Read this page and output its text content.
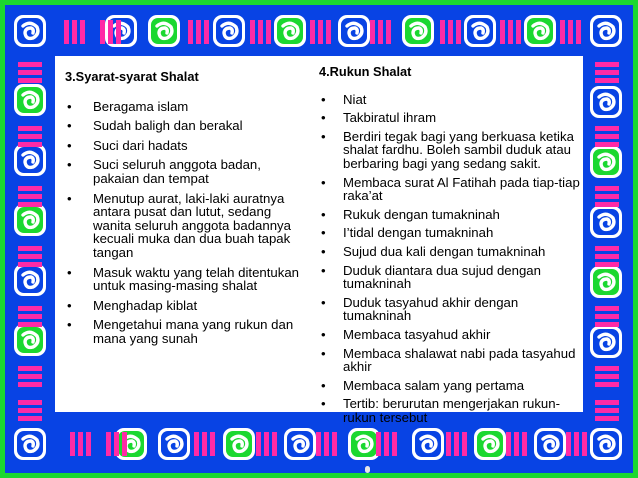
3.Syarat-syarat Shalat
• Beragama islam
• Sudah baligh dan berakal
• Suci dari hadats
• Suci seluruh anggota badan, pakaian dan tempat
• Menutup aurat, laki-laki auratnya antara pusat dan lutut, sedang wanita seluruh anggota badannya kecuali muka dan dua buah tapak tangan
• Masuk waktu yang telah ditentukan untuk masing-masing shalat
• Menghadap kiblat
• Mengetahui mana yang rukun dan mana yang sunah
4.Rukun Shalat
• Niat
• Takbiratul ihram
• Berdiri tegak bagi yang berkuasa ketika shalat fardhu. Boleh sambil duduk atau berbaring bagi yang sedang sakit.
• Membaca surat Al Fatihah pada tiap-tiap raka’at
• Rukuk dengan tumakninah
• I’tidal dengan tumakninah
• Sujud dua kali dengan tumakninah
• Duduk diantara dua sujud dengan tumakninah
• Duduk tasyahud akhir dengan tumakninah
• Membaca tasyahud akhir
• Membaca shalawat nabi pada tasyahud akhir
• Membaca salam yang pertama
• Tertib: berurutan mengerjakan rukun-rukun tersebut
